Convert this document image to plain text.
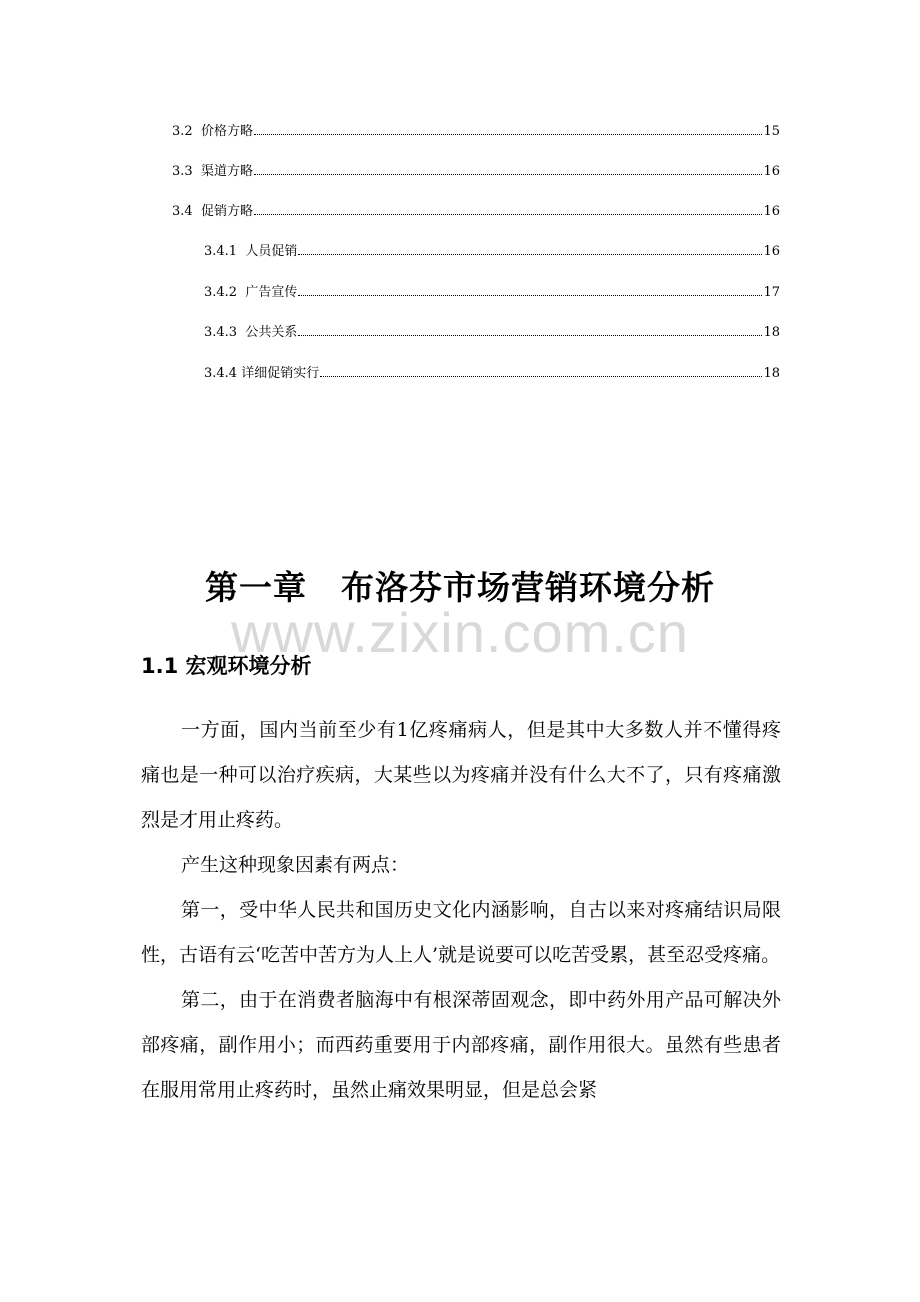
3.2  价格方略	15
3.3  渠道方略	16
3.4  促销方略	16
3.4.1  人员促销	16
3.4.2  广告宣传	17
3.4.3  公共关系	18
3.4.4 详细促销实行	18
第一章　布洛芬市场营销环境分析
www.zixin.com.cn
1.1 宏观环境分析

一方面，国内当前至少有1亿疼痛病人，但是其中大多数人并不懂得疼痛也是一种可以治疗疾病，大某些以为疼痛并没有什么大不了，只有疼痛激烈是才用止疼药。

产生这种现象因素有两点：

第一，受中华人民共和国历史文化内涵影响，自古以来对疼痛结识局限性，古语有云‘吃苦中苦方为人上人’就是说要可以吃苦受累，甚至忍受疼痛。

第二，由于在消费者脑海中有根深蒂固观念，即中药外用产品可解决外部疼痛，副作用小；而西药重要用于内部疼痛，副作用很大。虽然有些患者在服用常用止疼药时，虽然止痛效果明显，但是总会紧
